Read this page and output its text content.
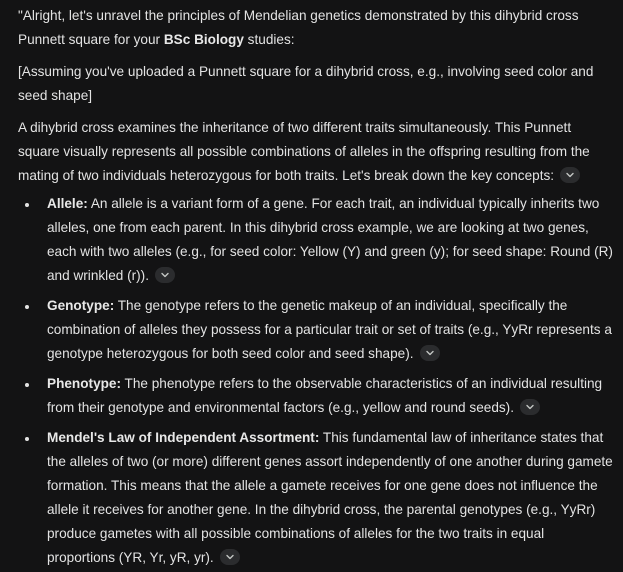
"Alright, let's unravel the principles of Mendelian genetics demonstrated by this dihybrid cross Punnett square for your BSc Biology studies:

[Assuming you've uploaded a Punnett square for a dihybrid cross, e.g., involving seed color and seed shape]

A dihybrid cross examines the inheritance of two different traits simultaneously. This Punnett square visually represents all possible combinations of alleles in the offspring resulting from the mating of two individuals heterozygous for both traits. Let's break down the key concepts:

Allele: An allele is a variant form of a gene. For each trait, an individual typically inherits two alleles, one from each parent. In this dihybrid cross example, we are looking at two genes, each with two alleles (e.g., for seed color: Yellow (Y) and green (y); for seed shape: Round (R) and wrinkled (r)).
Genotype: The genotype refers to the genetic makeup of an individual, specifically the combination of alleles they possess for a particular trait or set of traits (e.g., YyRr represents a genotype heterozygous for both seed color and seed shape).
Phenotype: The phenotype refers to the observable characteristics of an individual resulting from their genotype and environmental factors (e.g., yellow and round seeds).
Mendel's Law of Independent Assortment: This fundamental law of inheritance states that the alleles of two (or more) different genes assort independently of one another during gamete formation. This means that the allele a gamete receives for one gene does not influence the allele it receives for another gene. In the dihybrid cross, the parental genotypes (e.g., YyRr) produce gametes with all possible combinations of alleles for the two traits in equal proportions (YR, Yr, yR, yr).
